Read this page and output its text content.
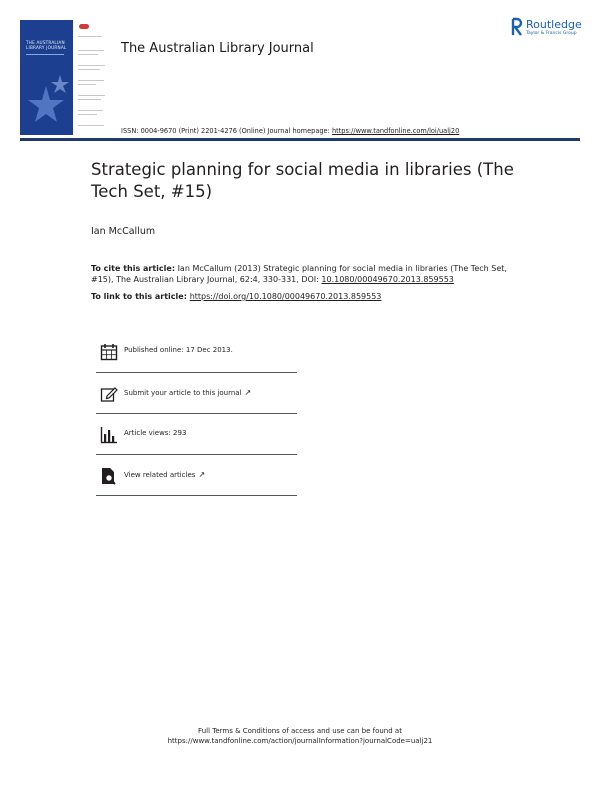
THE AUSTRALIAN
LIBRARY JOURNAL	The Australian Library Journal
Routledge
Taylor & Francis Group
ISSN: 0004-9670 (Print) 2201-4276 (Online) Journal homepage: https://www.tandfonline.com/loi/ualj20
Strategic planning for social media in libraries (The Tech Set, #15)
Ian McCallum
To cite this article: Ian McCallum (2013) Strategic planning for social media in libraries (The Tech Set, #15), The Australian Library Journal, 62:4, 330-331, DOI: 10.1080/00049670.2013.859553
To link to this article: https://doi.org/10.1080/00049670.2013.859553
Published online: 17 Dec 2013.
Submit your article to this journal ↗
Article views: 293
View related articles ↗
Full Terms & Conditions of access and use can be found at
https://www.tandfonline.com/action/journalInformation?journalCode=ualj21
